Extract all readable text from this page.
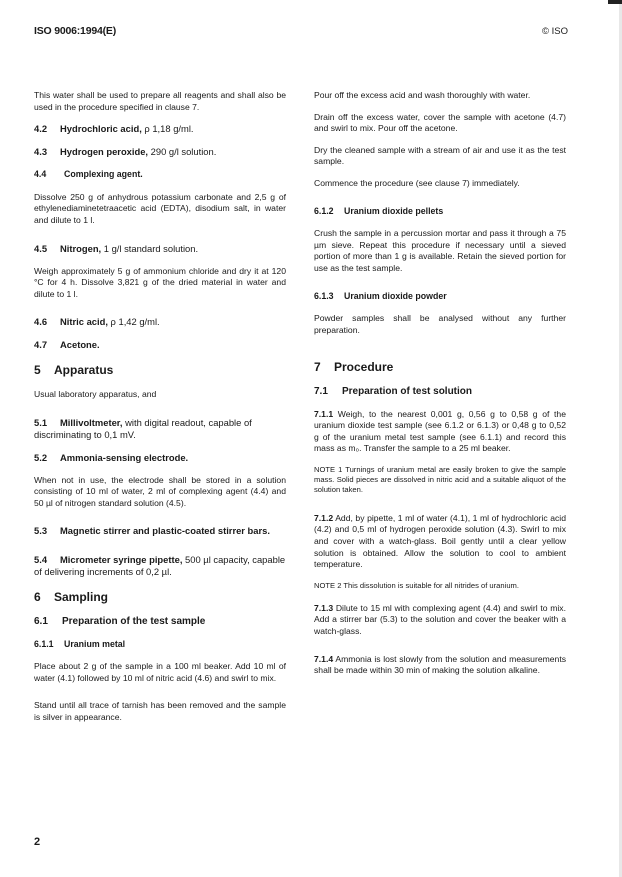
ISO 9006:1994(E)	© ISO

This water shall be used to prepare all reagents and shall also be used in the procedure specified in clause 7.

4.2 Hydrochloric acid, ρ 1,18 g/ml.
4.3 Hydrogen peroxide, 290 g/l solution.
4.4 Complexing agent.

Dissolve 250 g of anhydrous potassium carbonate and 2,5 g of ethylenediaminetetraacetic acid (EDTA), disodium salt, in water and dilute to 1 l.

4.5 Nitrogen, 1 g/l standard solution.

Weigh approximately 5 g of ammonium chloride and dry it at 120 °C for 4 h. Dissolve 3,821 g of the dried material in water and dilute to 1 l.

4.6 Nitric acid, ρ 1,42 g/ml.
4.7 Acetone.
5 Apparatus

Usual laboratory apparatus, and

5.1 Millivoltmeter, with digital readout, capable of discriminating to 0,1 mV.
5.2 Ammonia-sensing electrode.

When not in use, the electrode shall be stored in a solution consisting of 10 ml of water, 2 ml of complexing agent (4.4) and 50 µl of nitrogen standard solution (4.5).

5.3 Magnetic stirrer and plastic-coated stirrer bars.
5.4 Micrometer syringe pipette, 500 µl capacity, capable of delivering increments of 0,2 µl.
6 Sampling
6.1 Preparation of the test sample
6.1.1 Uranium metal

Place about 2 g of the sample in a 100 ml beaker. Add 10 ml of water (4.1) followed by 10 ml of nitric acid (4.6) and swirl to mix.

Stand until all trace of tarnish has been removed and the sample is silver in appearance.

Pour off the excess acid and wash thoroughly with water.

Drain off the excess water, cover the sample with acetone (4.7) and swirl to mix. Pour off the acetone.

Dry the cleaned sample with a stream of air and use it as the test sample.

Commence the procedure (see clause 7) immediately.

6.1.2 Uranium dioxide pellets

Crush the sample in a percussion mortar and pass it through a 75 µm sieve. Repeat this procedure if necessary until a sieved portion of more than 1 g is available. Retain the sieved portion for use as the test sample.

6.1.3 Uranium dioxide powder

Powder samples shall be analysed without any further preparation.

7 Procedure
7.1 Preparation of test solution

7.1.1 Weigh, to the nearest 0,001 g, 0,56 g to 0,58 g of the uranium dioxide test sample (see 6.1.2 or 6.1.3) or 0,48 g to 0,52 g of the uranium metal test sample (see 6.1.1) and record this mass as m₀. Transfer the sample to a 25 ml beaker.

NOTE 1 Turnings of uranium metal are easily broken to give the sample mass. Solid pieces are dissolved in nitric acid and a suitable aliquot of the solution taken.

7.1.2 Add, by pipette, 1 ml of water (4.1), 1 ml of hydrochloric acid (4.2) and 0,5 ml of hydrogen peroxide solution (4.3). Swirl to mix and cover with a watch-glass. Boil gently until a clear yellow solution is obtained. Allow the solution to cool to ambient temperature.

NOTE 2 This dissolution is suitable for all nitrides of uranium.

7.1.3 Dilute to 15 ml with complexing agent (4.4) and swirl to mix. Add a stirrer bar (5.3) to the solution and cover the beaker with a watch-glass.

7.1.4 Ammonia is lost slowly from the solution and measurements shall be made within 30 min of making the solution alkaline.

2
